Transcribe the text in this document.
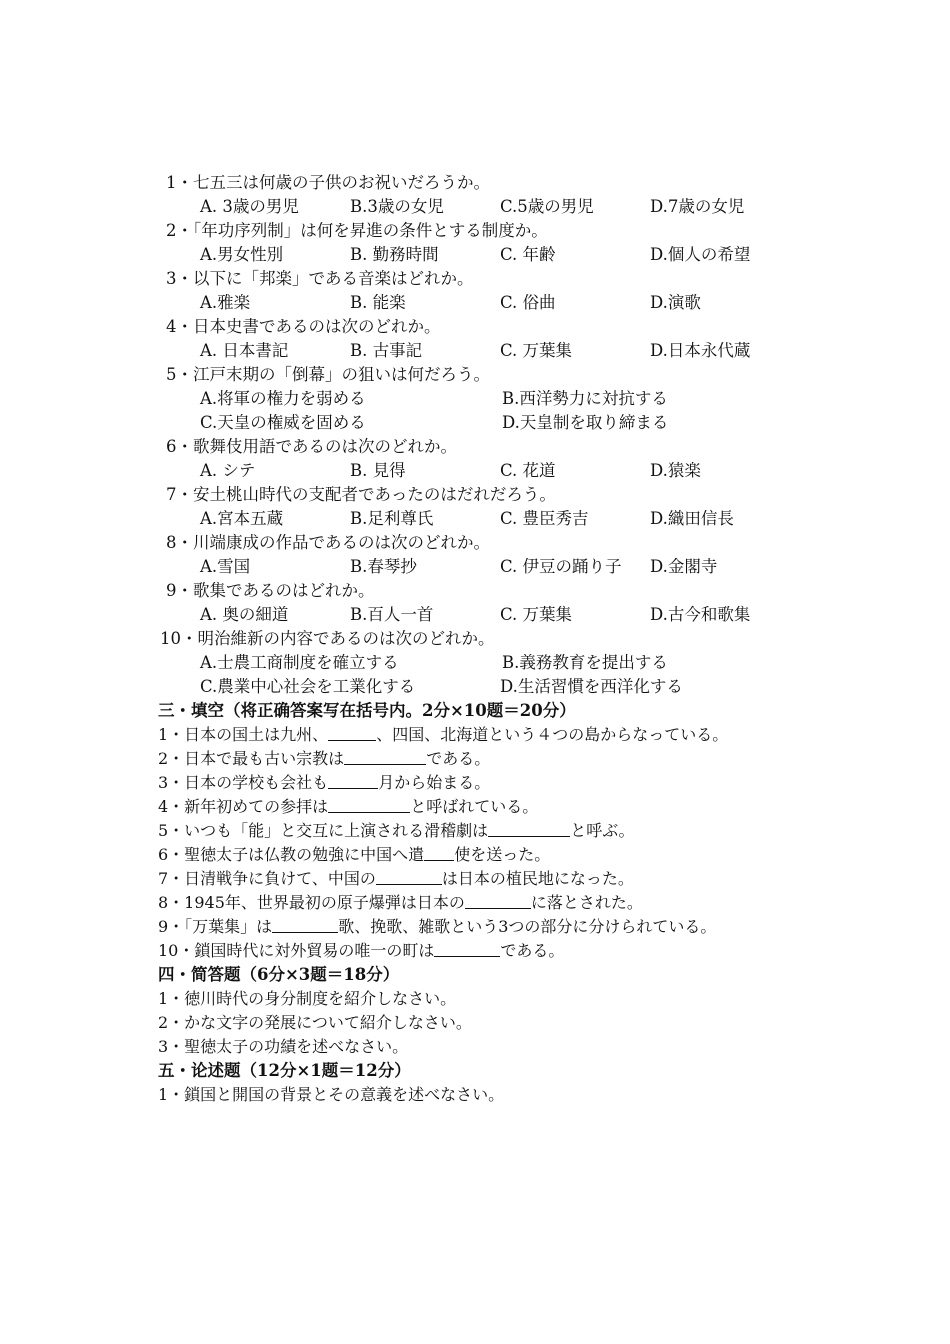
1・七五三は何歳の子供のお祝いだろうか。
A. 3歳の男児	B.3歳の女児	C.5歳の男児	D.7歳の女児
2・「年功序列制」は何を昇進の条件とする制度か。
A.男女性別	B. 勤務時間	C. 年齢	D.個人の希望
3・以下に「邦楽」である音楽はどれか。
A.雅楽	B. 能楽	C. 俗曲	D.演歌
4・日本史書であるのは次のどれか。
A. 日本書記	B. 古事記	C. 万葉集	D.日本永代蔵
5・江戸末期の「倒幕」の狙いは何だろう。
A.将軍の権力を弱める	B.西洋勢力に対抗する
C.天皇の権威を固める	D.天皇制を取り締まる
6・歌舞伎用語であるのは次のどれか。
A. シテ	B. 見得	C. 花道	D.猿楽
7・安土桃山時代の支配者であったのはだれだろう。
A.宮本五蔵	B.足利尊氏	C. 豊臣秀吉	D.織田信長
8・川端康成の作品であるのは次のどれか。
A.雪国	B.春琴抄	C. 伊豆の踊り子 D.金閣寺
9・歌集であるのはどれか。
A. 奥の細道	B.百人一首	C. 万葉集	D.古今和歌集
10・明治維新の内容であるのは次のどれか。
A.士農工商制度を確立する	B.義務教育を提出する
C.農業中心社会を工業化する	D.生活習慣を西洋化する
三・填空（将正确答案写在括号内。2分×10题＝20分）
1・日本の国土は九州、	、四国、北海道という４つの島からなっている。
2・日本で最も古い宗教は	である。
3・日本の学校も会社も	月から始まる。
4・新年初めての参拝は	と呼ばれている。
5・いつも「能」と交互に上演される滑稽劇は	と呼ぶ。
6・聖徳太子は仏教の勉強に中国へ遣 使を送った。
7・日清戦争に負けて、中国の	は日本の植民地になった。
8・1945年、世界最初の原子爆弾は日本の	に落とされた。
9・「万葉集」は	歌、挽歌、雑歌という3つの部分に分けられている。
10・鎖国時代に対外貿易の唯一の町は	である。
四・简答题（6分×3题＝18分）
1・徳川時代の身分制度を紹介しなさい。
2・かな文字の発展について紹介しなさい。
3・聖徳太子の功績を述べなさい。
五・论述题（12分×1题＝12分）
1・鎖国と開国の背景とその意義を述べなさい。
